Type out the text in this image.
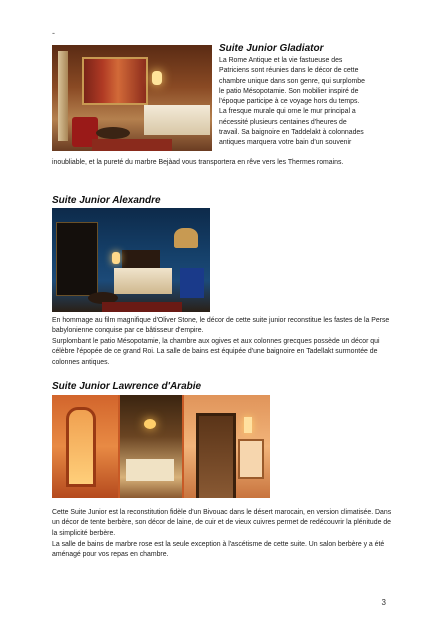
-
Suite Junior Gladiator

La Rome Antique et la vie fastueuse des
Patriciens sont réunies dans le décor de cette
chambre unique dans son genre, qui surplombe
le patio Mésopotamie. Son mobilier inspiré de
l'époque participe à ce voyage hors du temps.
La fresque murale qui orne le mur principal a
nécessité plusieurs centaines d'heures de
travail. Sa baignoire en Taddelakt à colonnades
antiques marquera votre bain d'un souvenir

inoubliable, et la pureté du marbre Bejàad vous transportera en rêve vers les Thermes romains.

Suite Junior Alexandre

En hommage au film magnifique d'Oliver Stone, le décor de cette suite junior reconstitue les fastes de la Perse babylonienne conquise par ce bâtisseur d'empire.

Surplombant le patio Mésopotamie, la chambre aux ogives et aux colonnes grecques possède un décor qui célèbre l'épopée de ce grand Roi. La salle de bains est équipée d'une baignoire en Tadellakt surmontée de colonnes antiques.

Suite Junior Lawrence d'Arabie

Cette Suite Junior est la reconstitution fidèle d'un Bivouac dans le désert marocain, en version climatisée. Dans un décor de tente berbère, son décor de laine, de cuir et de vieux cuivres permet de redécouvrir la plénitude de la simplicité berbère.

La salle de bains de marbre rose est la seule exception à l'ascétisme de cette suite. Un salon berbère y a été aménagé pour vos repas en chambre.

3
